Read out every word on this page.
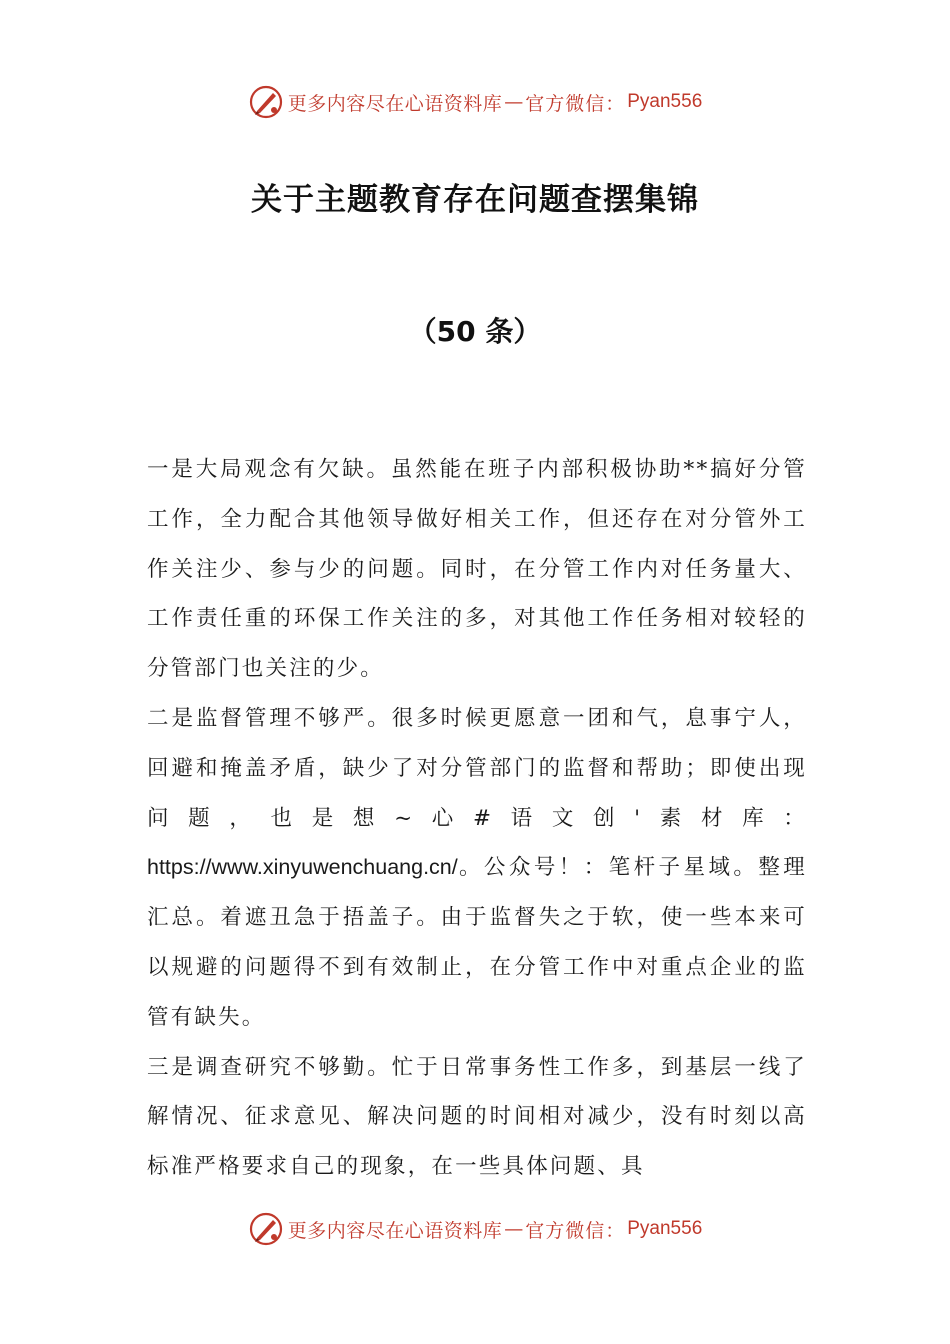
更多内容尽在心语资料库 — 官方微信： Pyan556
关于主题教育存在问题查摆集锦
（50 条）

一是大局观念有欠缺。虽然能在班子内部积极协助**搞好分管工作，全力配合其他领导做好相关工作，但还存在对分管外工作关注少、参与少的问题。同时，在分管工作内对任务量大、工作责任重的环保工作关注的多，对其他工作任务相对较轻的分管部门也关注的少。

二是监督管理不够严。很多时候更愿意一团和气，息事宁人，回避和掩盖矛盾，缺少了对分管部门的监督和帮助；即使出现问题，也是想~心#语文创'素材库：https://www.xinyuwenchuang.cn/。公众号！：笔杆子星域。整理汇总。着遮丑急于捂盖子。由于监督失之于软，使一些本来可以规避的问题得不到有效制止，在分管工作中对重点企业的监管有缺失。

三是调查研究不够勤。忙于日常事务性工作多，到基层一线了解情况、征求意见、解决问题的时间相对减少，没有时刻以高标准严格要求自己的现象，在一些具体问题、具

更多内容尽在心语资料库 — 官方微信： Pyan556
